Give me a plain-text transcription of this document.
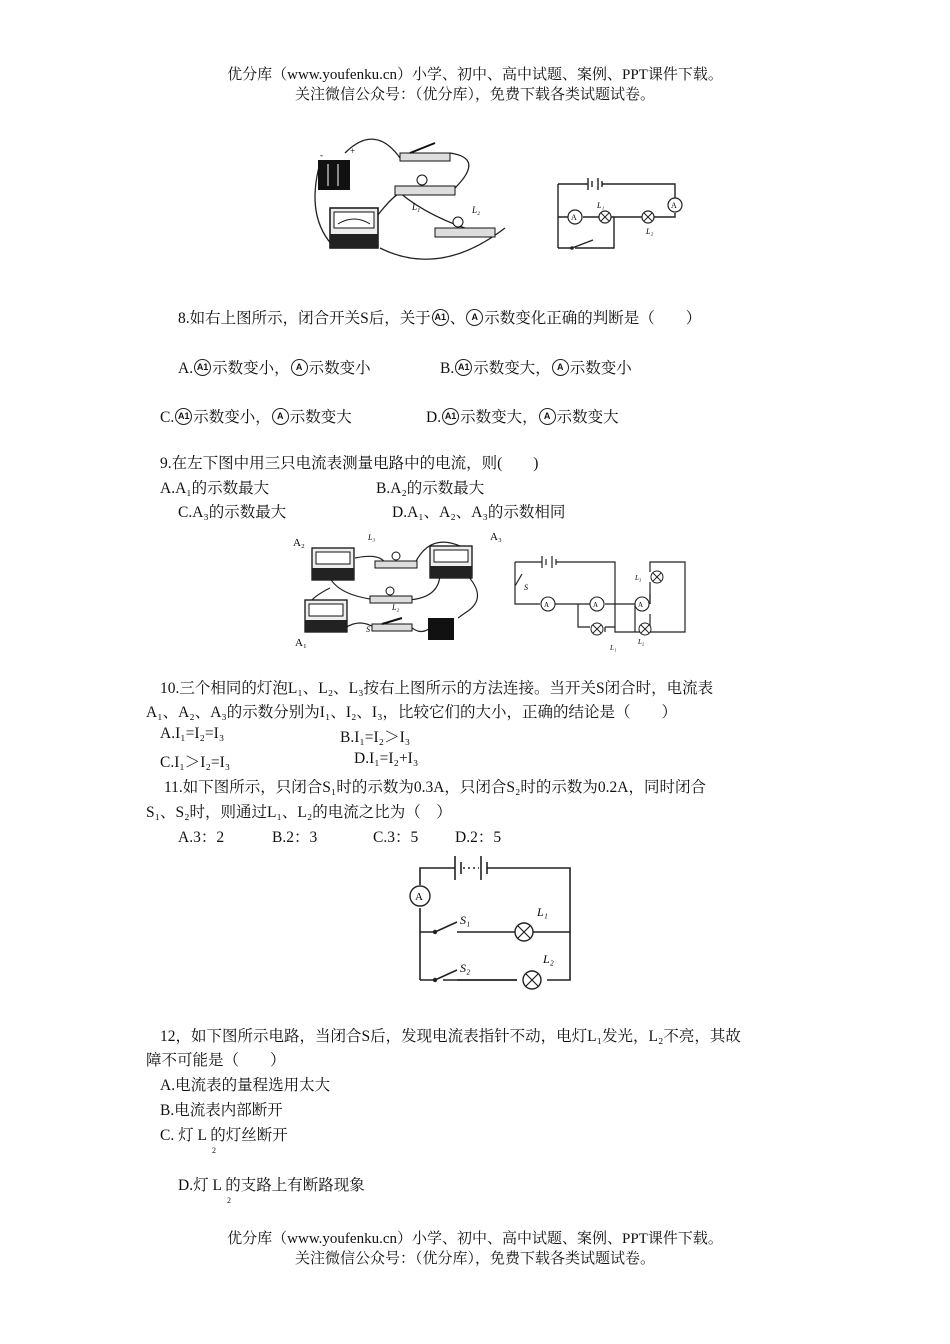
优分库（www.youfenku.cn）小学、初中、高中试题、案例、PPT课件下载。
关注微信公众号：（优分库），免费下载各类试题试卷。
-	+
L₁	L₂
A
A
L₁
L₂
8.如右上图所示，闭合开关S后，关于 A1 、 A 示数变化正确的判断是（　　）
A. A1 示数变小， A 示数变小	B. A1 示数变大， A 示数变小
C. A1 示数变小， A 示数变大	D. A1 示数变大， A 示数变大
9.在左下图中用三只电流表测量电路中的电流，则(　　)
A.A₁的示数最大	B.A₂的示数最大
C.A₃的示数最大	D.A₁、A₂、A₃的示数相同
A₂	A₃
A₁
L₃
L₂
S
A	A	A
S
L₃
L₁
L₂
10.三个相同的灯泡L₁、L₂、L₃按右上图所示的方法连接。当开关S闭合时，电流表
A₁、A₂、A₃的示数分别为I₁、I₂、I₃，比较它们的大小，正确的结论是（　　）
A.I₁=I₂=I₃	B.I₁=I₂＞I₃
C.I₁＞I₂=I₃	D.I₁=I₂+I₃
11.如下图所示，只闭合S₁时的示数为0.3A，只闭合S₂时的示数为0.2A，同时闭合
S₁、S₂时，则通过L₁、L₂的电流之比为（　）
A.3：2	B.2：3	C.3：5 D.2：5
A
S₁
S₂
L₁
L₂
12，如下图所示电路，当闭合S后，发现电流表指针不动，电灯L₁发光，L₂不亮，其故
障不可能是（　　）
A.电流表的量程选用太大
B.电流表内部断开
C. 灯 L 的灯丝断开
2
D.灯 L 的支路上有断路现象
2
优分库（www.youfenku.cn）小学、初中、高中试题、案例、PPT课件下载。
关注微信公众号：（优分库），免费下载各类试题试卷。
